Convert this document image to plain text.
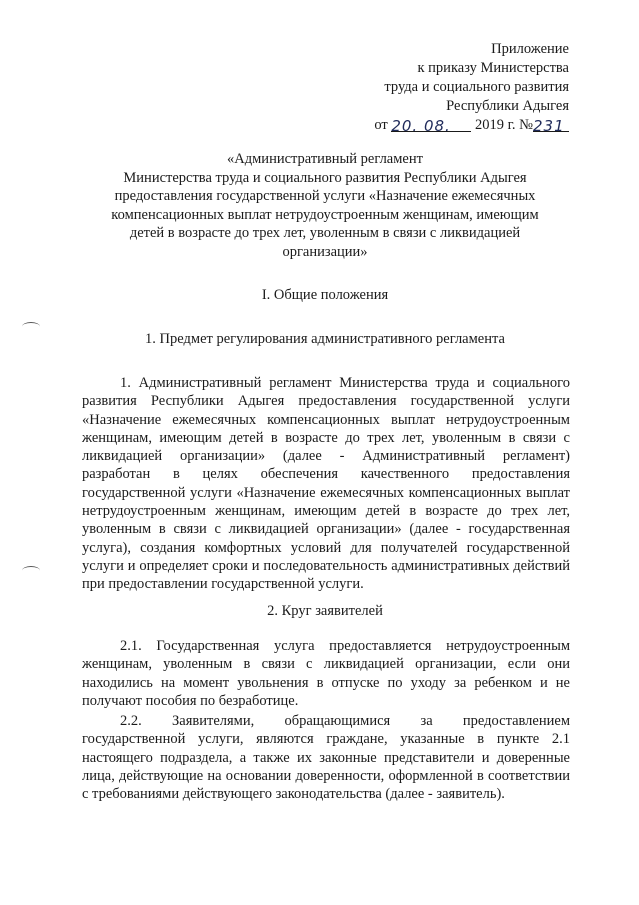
Приложение
к приказу Министерства
труда и социального развития
Республики Адыгея
от 20. 08. 2019 г. №231
«Административный регламент
Министерства труда и социального развития Республики Адыгея
предоставления государственной услуги «Назначение ежемесячных
компенсационных выплат нетрудоустроенным женщинам, имеющим
детей в возрасте до трех лет, уволенным в связи с ликвидацией
организации»
I. Общие положения
1. Предмет регулирования административного регламента
1. Административный регламент Министерства труда и социального развития Республики Адыгея предоставления государственной услуги «Назначение ежемесячных компенсационных выплат нетрудоустроенным женщинам, имеющим детей в возрасте до трех лет, уволенным в связи с ликвидацией организации» (далее - Административный регламент) разработан в целях обеспечения качественного предоставления государственной услуги «Назначение ежемесячных компенсационных выплат нетрудоустроенным женщинам, имеющим детей в возрасте до трех лет, уволенным в связи с ликвидацией организации» (далее - государственная услуга), создания комфортных условий для получателей государственной услуги и определяет сроки и последовательность административных действий при предоставлении государственной услуги.
2. Круг заявителей
2.1. Государственная услуга предоставляется нетрудоустроенным женщинам, уволенным в связи с ликвидацией организации, если они находились на момент увольнения в отпуске по уходу за ребенком и не получают пособия по безработице.
2.2. Заявителями, обращающимися за предоставлением государственной услуги, являются граждане, указанные в пункте 2.1 настоящего подраздела, а также их законные представители и доверенные лица, действующие на основании доверенности, оформленной в соответствии с требованиями действующего законодательства (далее - заявитель).
